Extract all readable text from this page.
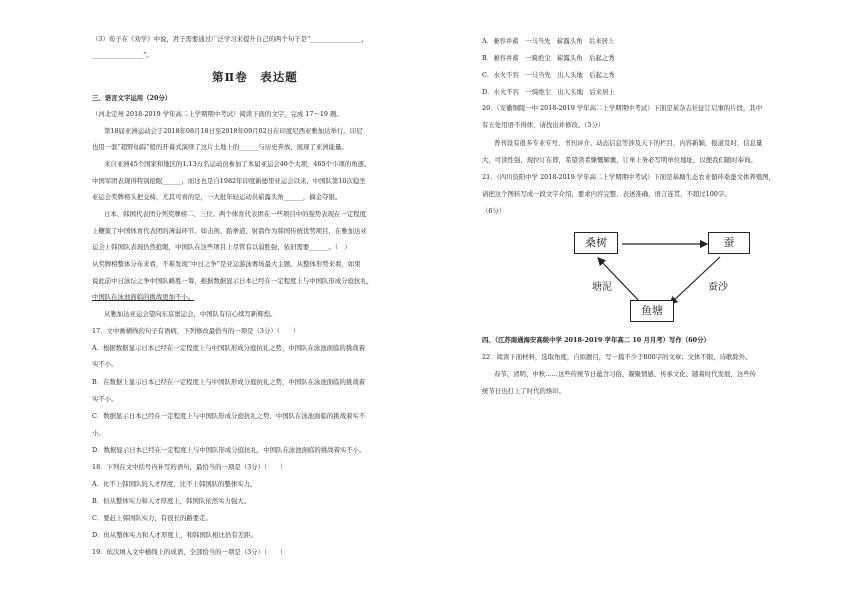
（3）荀子在《劝学》中说，君子需要通过广泛学习来提升自己的两个句子是“________________，
________________”。
第Ⅱ卷　表达题
三、语言文字运用（20分）
（河北定州 2018-2019 学年高二上学期期中考试）阅读下面的文字，完成 17～19 题。
第18届亚洲运动会于2018年08月18日至2018年09月02日在印度尼西亚雅加达举行。印尼
也用一套“超野仙踪”般的开幕式演绎了这片土地上的______与历史奔放，展现了亚洲能量。
来自亚洲45个国家和地区的1.13万名运动员参加了本届亚运会40个大项，465个小项的角逐。
中国军团表现得特别抢眼______，而这也是自1982年印度新德里亚运会以来，中国队第10次稳坐
亚运会奖牌榜头把交椅，尤其可喜的是，一大批年轻运动员崭露头角______，摘金夺银。
日本、韩国代表团分列奖牌榜二、三位。两个体育代表团在一些项目中的强势表现在一定程度
上鞭策了中国体育代表团的薄弱环节。如击剑、跆拳道、射箭作为韩国传统优势项目，在雅加达亚
运会上韩国队表现仍然抢眼，中国队在这些项目上尽管有以弱胜强，依旧需要______。（　）
从奖牌榜整体分布来看，不难发现“中日之争”是亚运游泳赛场最大主题。从整体形势来看，如果
说此前中日泳坛之争中国队略胜一筹，根据数据显示日本已经在一定程度上与中国队形成分庭抗礼，
中国队在泳池面临的挑战更加不小。
从雅加达亚运会望向东京奥运会，中国队有信心续写新辉煌。
17．文中画横线的句子有语病，下列修改最恰当的一项是（3分）（　　）
A．根据数据显示日本已经在一定程度上与中国队形成分庭抗礼之势，中国队在泳池面临的挑战着
实不小。
B．在数据上显示日本已经在一定程度上与中国队形成分庭抗礼之势，中国队在泳池面临的挑战着
实不小。
C．数据显示日本已经在一定程度上与中国队形成分庭抗礼之势，中国队在泳池面临的挑战着实不
小。
D．数据显示日本已经在一定程度上与中国队形成分庭抗礼，中国队在泳池面临的挑战着实不小。
18．下列在文中括号内补写的语句，最恰当的一项是（3分）（　　）
A．比不上韩国队的人才厚度，比不上韩国队的整体实力。
B．但从整体实力和人才厚度上，韩国队依然实力强大。
C．要赶上韩国队实力，有很长的路要走。
D．但从整体实力和人才厚度上，和韩国队相比仍有差距。
19．依次填入文中横线上的成语，全部恰当的一项是（3分）（　　）
A．兼容并蓄　一马当先　崭露头角　后来居上
B．兼容并蓄　一骑绝尘　崭露头角　后起之秀
C．水火不容　一马当先　出人头地　后起之秀
D．水火不容　一骑绝尘　出人头地　后来居上
20．（安徽铜陵一中 2018-2019 学年高二上学期期中考试）下面是某杂志社征订启事的片段，其中
有五处用语不得体，请找出并修改。（5分）
普刊设有很多专业专号、书刊评介、动态信息等涉及天下的栏目，内容新颖，报道及时，信息量
大，可读性强，现拉订在即，希望读者慷慨解囊，订单上务必写明单位地址，以便我们随时奉询。
21．（四川资阳中学 2018-2019 学年高二上学期期中考试）下面是基塘生态农业循环桑蚕文体养殖图，
请把这个图转写成一段文字介绍，要求内容完整，表述准确，语言连贯，不超过100字。
（6分）
桑树	蚕
鱼塘
塘泥	蚕沙
四、（江苏南通海安高级中学 2018-2019 学年高二 10 月月考）写作（60分）
22．阅读下面材料，选取角度，自拟题目，写一篇不少于800字的文章；文体不限，诗歌除外。
春节、清明、中秋……这些传统节日蕴含习俗、凝聚情感、传承文化、随着时代发展，这些传
统节日也打上了时代的烙印。
